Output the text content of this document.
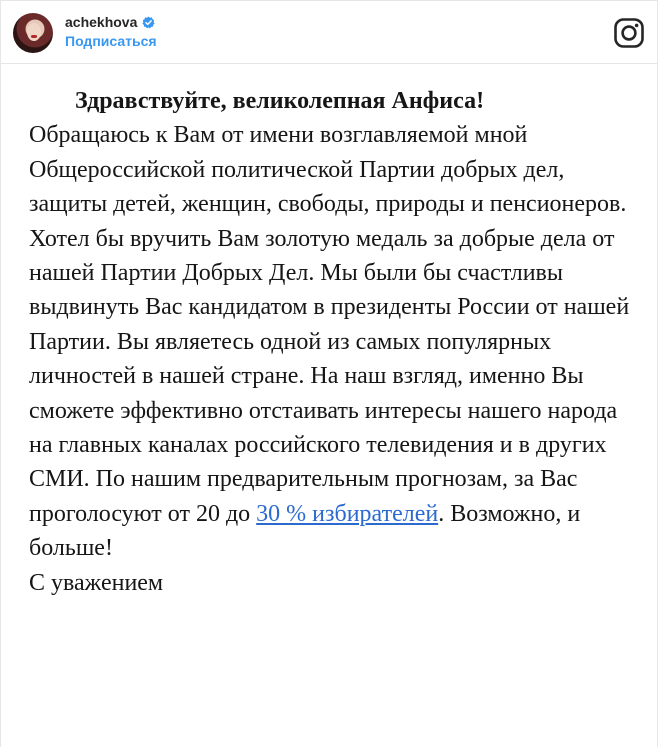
achekhova
Подписаться

Здравствуйте, великолепная Анфиса!

Обращаюсь к Вам от имени возглавляемой мной Общероссийской политической Партии добрых дел, защиты детей, женщин, свободы, природы и пенсионеров.

Хотел бы вручить Вам золотую медаль за добрые дела от нашей Партии Добрых Дел. Мы были бы счастливы выдвинуть Вас кандидатом в президенты России от нашей Партии. Вы являетесь одной из самых популярных личностей в нашей стране. На наш взгляд, именно Вы сможете эффективно отстаивать интересы нашего народа на главных каналах российского телевидения и в других СМИ. По нашим предварительным прогнозам, за Вас проголосуют от 20 до 30 % избирателей. Возможно, и больше!

С уважением
